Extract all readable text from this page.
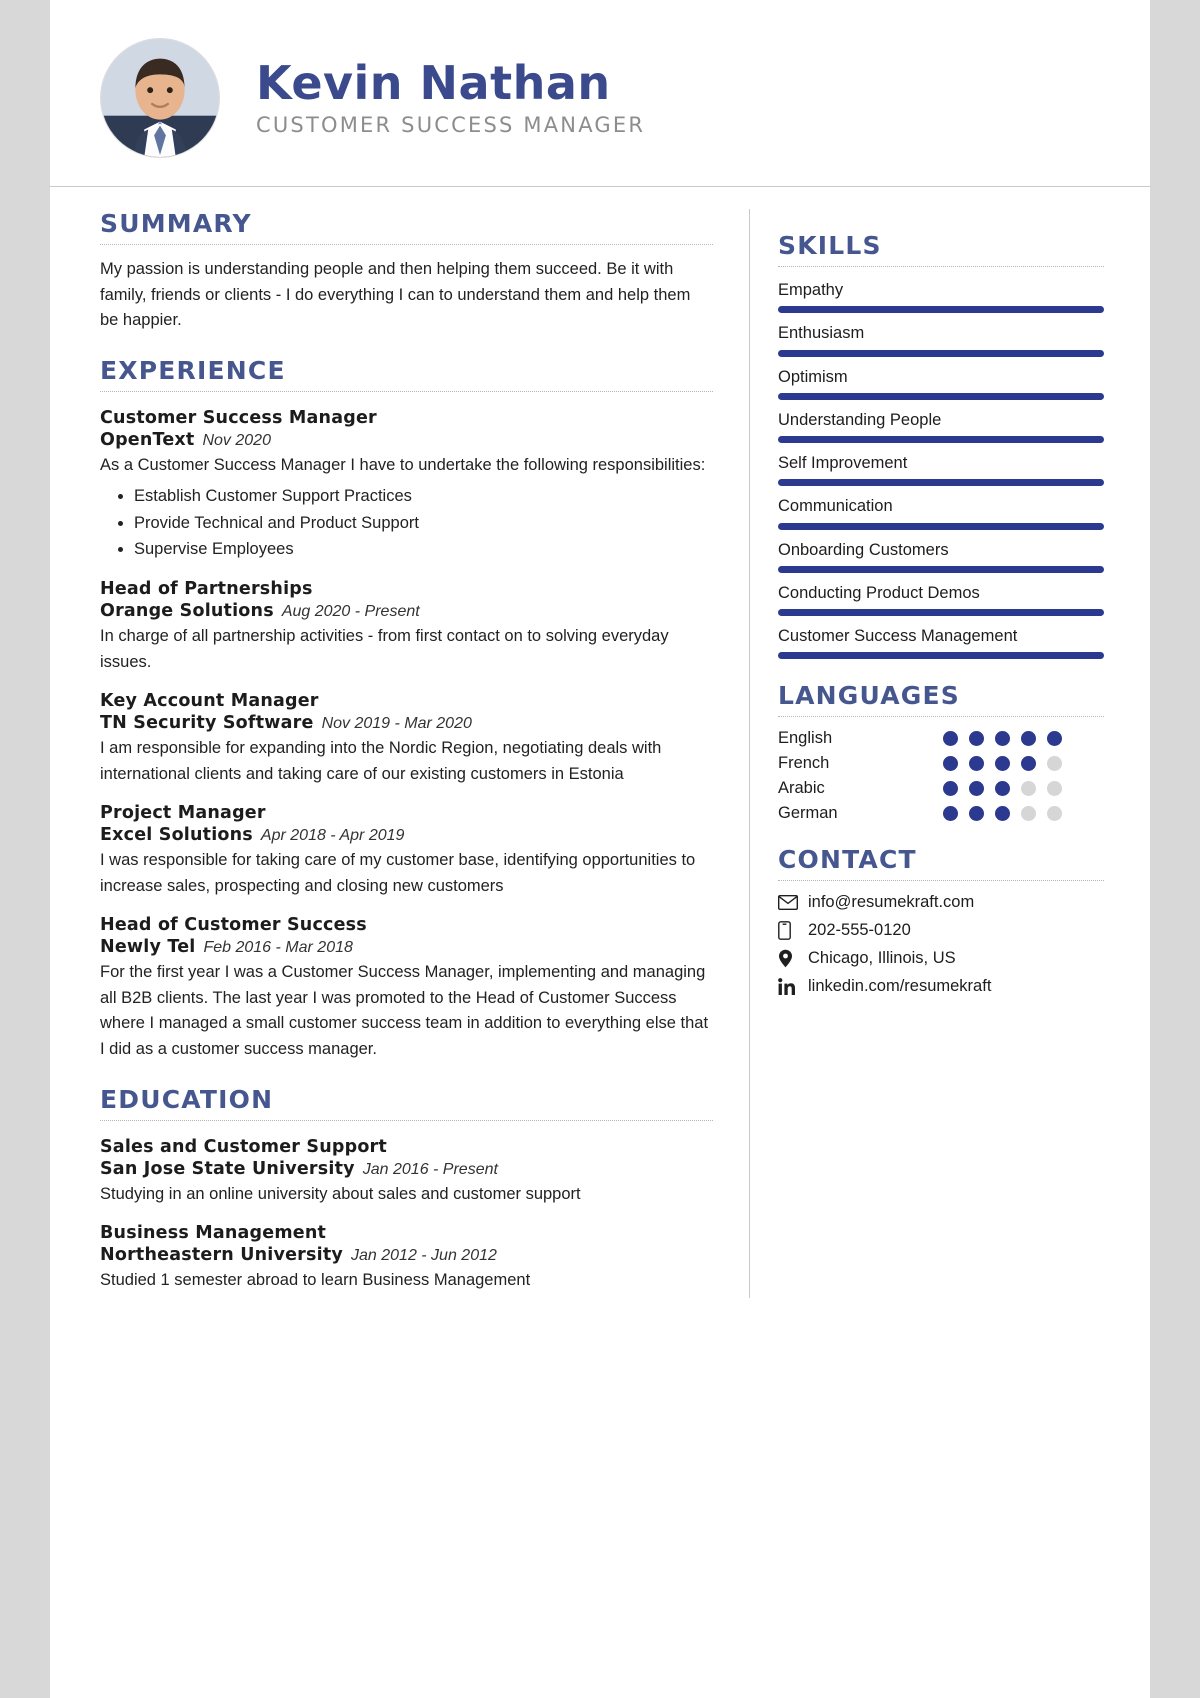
Kevin Nathan
CUSTOMER SUCCESS MANAGER
SUMMARY

My passion is understanding people and then helping them succeed. Be it with family, friends or clients - I do everything I can to understand them and help them be happier.

EXPERIENCE
Customer Success Manager
OpenText Nov 2020

As a Customer Success Manager I have to undertake the following responsibilities:

• Establish Customer Support Practices
• Provide Technical and Product Support
• Supervise Employees
Head of Partnerships
Orange Solutions Aug 2020 - Present

In charge of all partnership activities - from first contact on to solving everyday issues.

Key Account Manager
TN Security Software Nov 2019 - Mar 2020

I am responsible for expanding into the Nordic Region, negotiating deals with international clients and taking care of our existing customers in Estonia

Project Manager
Excel Solutions Apr 2018 - Apr 2019

I was responsible for taking care of my customer base, identifying opportunities to increase sales, prospecting and closing new customers

Head of Customer Success
Newly Tel Feb 2016 - Mar 2018

For the first year I was a Customer Success Manager, implementing and managing all B2B clients. The last year I was promoted to the Head of Customer Success where I managed a small customer success team in addition to everything else that I did as a customer success manager.

EDUCATION
Sales and Customer Support
San Jose State University Jan 2016 - Present

Studying in an online university about sales and customer support

Business Management
Northeastern University Jan 2012 - Jun 2012

Studied 1 semester abroad to learn Business Management

SKILLS
Empathy
Enthusiasm
Optimism
Understanding People
Self Improvement
Communication
Onboarding Customers
Conducting Product Demos
Customer Success Management
LANGUAGES
English
French
Arabic
German
CONTACT
info@resumekraft.com
202-555-0120
Chicago, Illinois, US
linkedin.com/resumekraft
